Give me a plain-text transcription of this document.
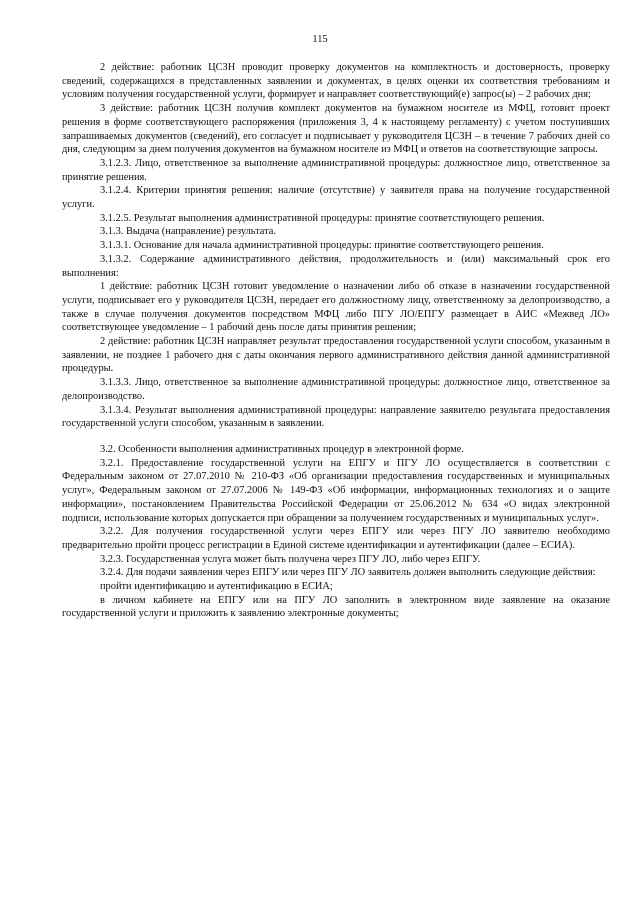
115

2 действие: работник ЦСЗН проводит проверку документов на комплектность и достоверность, проверку сведений, содержащихся в представленных заявлении и документах, в целях оценки их соответствия требованиям и условиям получения государственной услуги, формирует и направляет соответствующий(е) запрос(ы) – 2 рабочих дня;

3 действие: работник ЦСЗН получив комплект документов на бумажном носителе из МФЦ, готовит проект решения в форме соответствующего распоряжения (приложения 3, 4 к настоящему регламенту) с учетом поступивших запрашиваемых документов (сведений), его согласует и подписывает у руководителя ЦСЗН – в течение 7 рабочих дней со дня, следующим за днем получения документов на бумажном носителе из МФЦ и ответов на соответствующие запросы.

3.1.2.3. Лицо, ответственное за выполнение административной процедуры: должностное лицо, ответственное за принятие решения.

3.1.2.4. Критерии принятия решения: наличие (отсутствие) у заявителя права на получение государственной услуги.

3.1.2.5. Результат выполнения административной процедуры: принятие соответствующего решения.

3.1.3. Выдача (направление) результата.

3.1.3.1. Основание для начала административной процедуры: принятие соответствующего решения.

3.1.3.2. Содержание административного действия, продолжительность и (или) максимальный срок его выполнения:

1 действие: работник ЦСЗН готовит уведомление о назначении либо об отказе в назначении государственной услуги, подписывает его у руководителя ЦСЗН, передает его должностному лицу, ответственному за делопроизводство, а также в случае получения документов посредством МФЦ либо ПГУ ЛО/ЕПГУ размещает в АИС «Межвед ЛО» соответствующее уведомление – 1 рабочий день после даты принятия решения;

2 действие: работник ЦСЗН направляет результат предоставления государственной услуги способом, указанным в заявлении, не позднее 1 рабочего дня с даты окончания первого административного действия данной административной процедуры.

3.1.3.3. Лицо, ответственное за выполнение административной процедуры: должностное лицо, ответственное за делопроизводство.

3.1.3.4. Результат выполнения административной процедуры: направление заявителю результата предоставления государственной услуги способом, указанным в заявлении.

3.2. Особенности выполнения административных процедур в электронной форме.

3.2.1. Предоставление государственной услуги на ЕПГУ и ПГУ ЛО осуществляется в соответствии с Федеральным законом от 27.07.2010 № 210-ФЗ «Об организации предоставления государственных и муниципальных услуг», Федеральным законом от 27.07.2006 № 149-ФЗ «Об информации, информационных технологиях и о защите информации», постановлением Правительства Российской Федерации от 25.06.2012 № 634 «О видах электронной подписи, использование которых допускается при обращении за получением государственных и муниципальных услуг».

3.2.2. Для получения государственной услуги через ЕПГУ или через ПГУ ЛО заявителю необходимо предварительно пройти процесс регистрации в Единой системе идентификации и аутентификации (далее – ЕСИА).

3.2.3. Государственная услуга может быть получена через ПГУ ЛО, либо через ЕПГУ.

3.2.4. Для подачи заявления через ЕПГУ или через ПГУ ЛО заявитель должен выполнить следующие действия:

пройти идентификацию и аутентификацию в ЕСИА;

в личном кабинете на ЕПГУ или на ПГУ ЛО заполнить в электронном виде заявление на оказание государственной услуги и приложить к заявлению электронные документы;
